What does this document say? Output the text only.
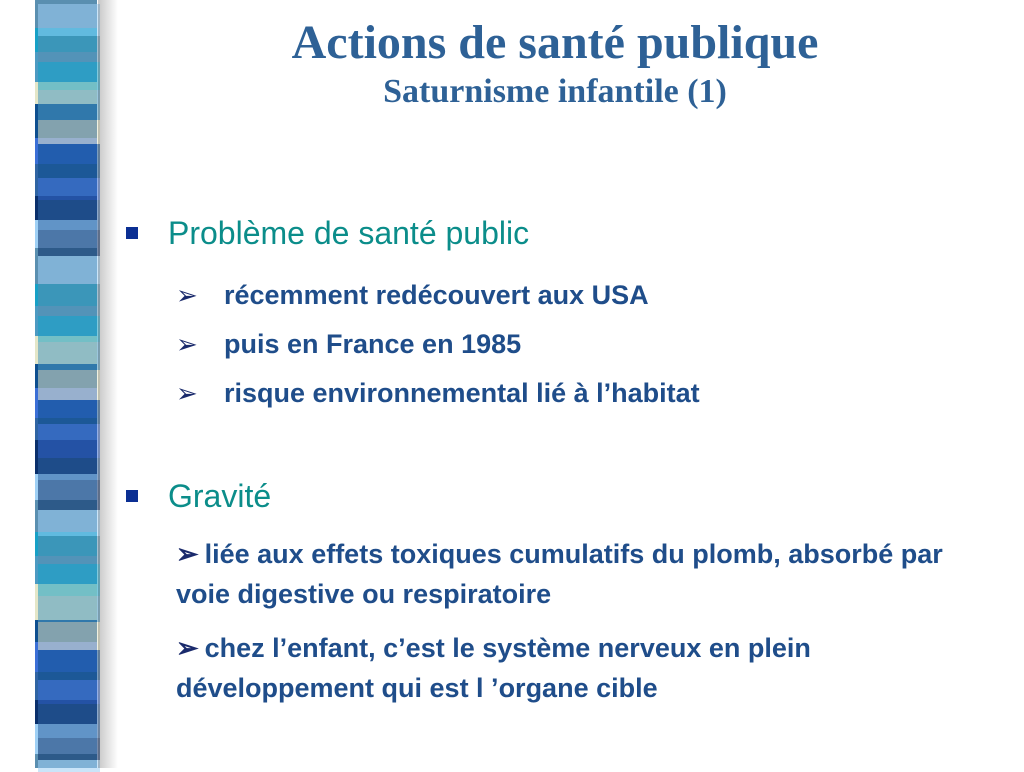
Actions de santé publique
Saturnisme infantile (1)
Problème de santé public
➢ récemment redécouvert aux USA
➢ puis en France en 1985
➢ risque environnemental lié à l’habitat
Gravité
➢ liée aux effets toxiques cumulatifs du plomb, absorbé par voie digestive ou respiratoire
➢ chez l’enfant, c’est le système nerveux en plein développement qui est l ’organe cible
